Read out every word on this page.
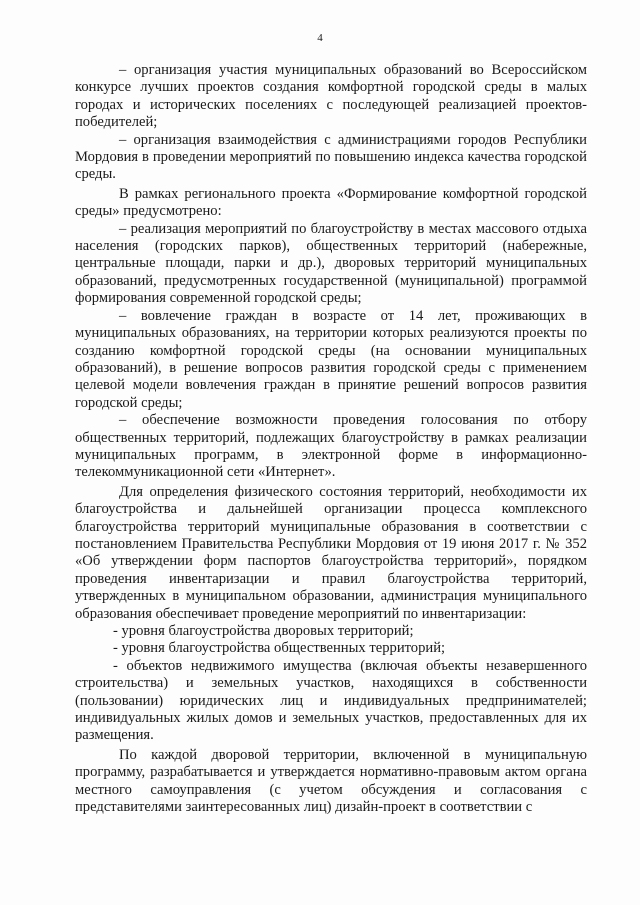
4

– организация участия муниципальных образований во Всероссийском конкурсе лучших проектов создания комфортной городской среды в малых городах и исторических поселениях с последующей реализацией проектов-победителей;

– организация взаимодействия с администрациями городов Республики Мордовия в проведении мероприятий по повышению индекса качества городской среды.

В рамках регионального проекта «Формирование комфортной городской среды» предусмотрено:

– реализация мероприятий по благоустройству в местах массового отдыха населения (городских парков), общественных территорий (набережные, центральные площади, парки и др.), дворовых территорий муниципальных образований, предусмотренных государственной (муниципальной) программой формирования современной городской среды;

– вовлечение граждан в возрасте от 14 лет, проживающих в муниципальных образованиях, на территории которых реализуются проекты по созданию комфортной городской среды (на основании муниципальных образований), в решение вопросов развития городской среды с применением целевой модели вовлечения граждан в принятие решений вопросов развития городской среды;

– обеспечение возможности проведения голосования по отбору общественных территорий, подлежащих благоустройству в рамках реализации муниципальных программ, в электронной форме в информационно-телекоммуникационной сети «Интернет».

Для определения физического состояния территорий, необходимости их благоустройства и дальнейшей организации процесса комплексного благоустройства территорий муниципальные образования в соответствии с постановлением Правительства Республики Мордовия от 19 июня 2017 г. № 352 «Об утверждении форм паспортов благоустройства территорий», порядком проведения инвентаризации и правил благоустройства территорий, утвержденных в муниципальном образовании, администрация муниципального образования обеспечивает проведение мероприятий по инвентаризации:

- уровня благоустройства дворовых территорий;

- уровня благоустройства общественных территорий;

- объектов недвижимого имущества (включая объекты незавершенного строительства) и земельных участков, находящихся в собственности (пользовании) юридических лиц и индивидуальных предпринимателей; индивидуальных жилых домов и земельных участков, предоставленных для их размещения.

По каждой дворовой территории, включенной в муниципальную программу, разрабатывается и утверждается нормативно-правовым актом органа местного самоуправления (с учетом обсуждения и согласования с представителями заинтересованных лиц) дизайн-проект в соответствии с
